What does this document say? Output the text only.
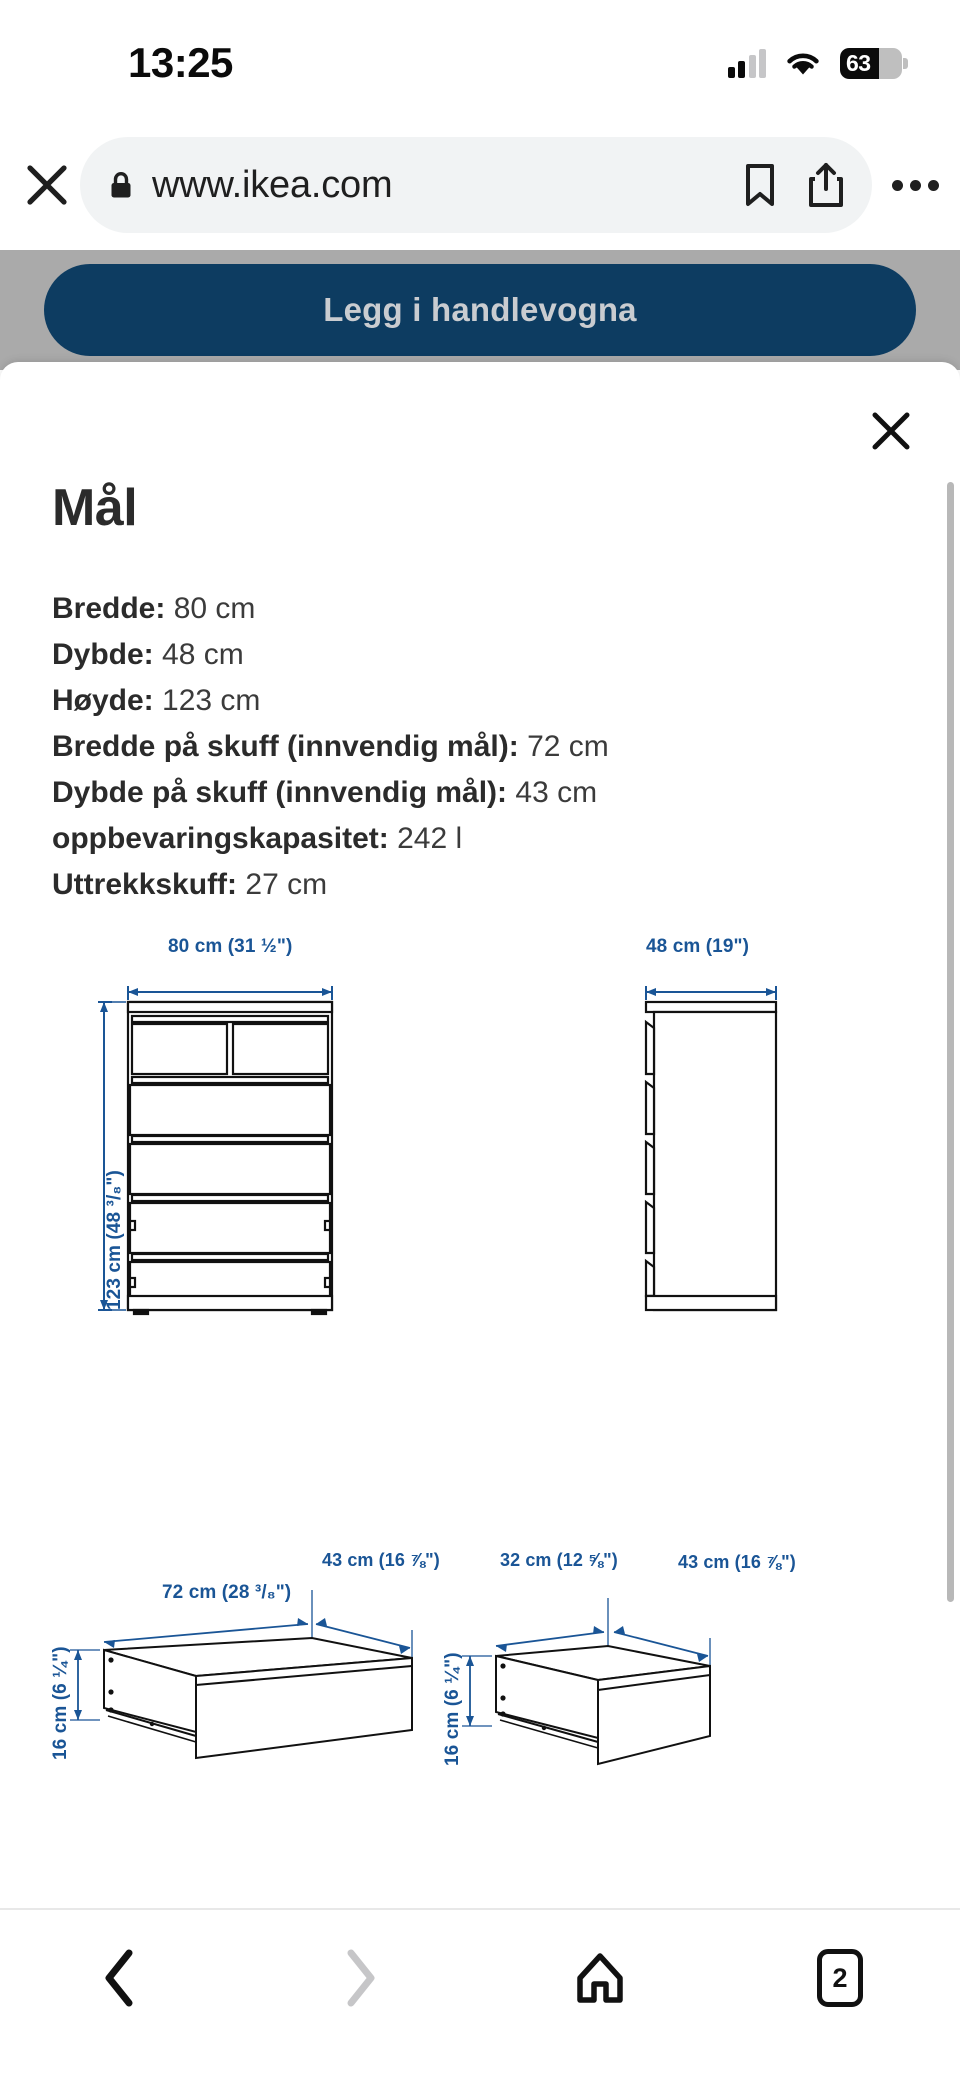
13:25	63
www.ikea.com
Legg i handlevogna
Mål
Bredde: 80 cm
Dybde: 48 cm
Høyde: 123 cm
Bredde på skuff (innvendig mål): 72 cm
Dybde på skuff (innvendig mål): 43 cm
oppbevaringskapasitet: 242 l
Uttrekkskuff: 27 cm
80 cm (31 ½")
123 cm (48 ³/₈")
48 cm (19")
72 cm (28 ³/₈")
43 cm (16 ⅞")
16 cm (6 ¼")
32 cm (12 ⅝")	43 cm (16 ⅞")
16 cm (6 ¼")
2
